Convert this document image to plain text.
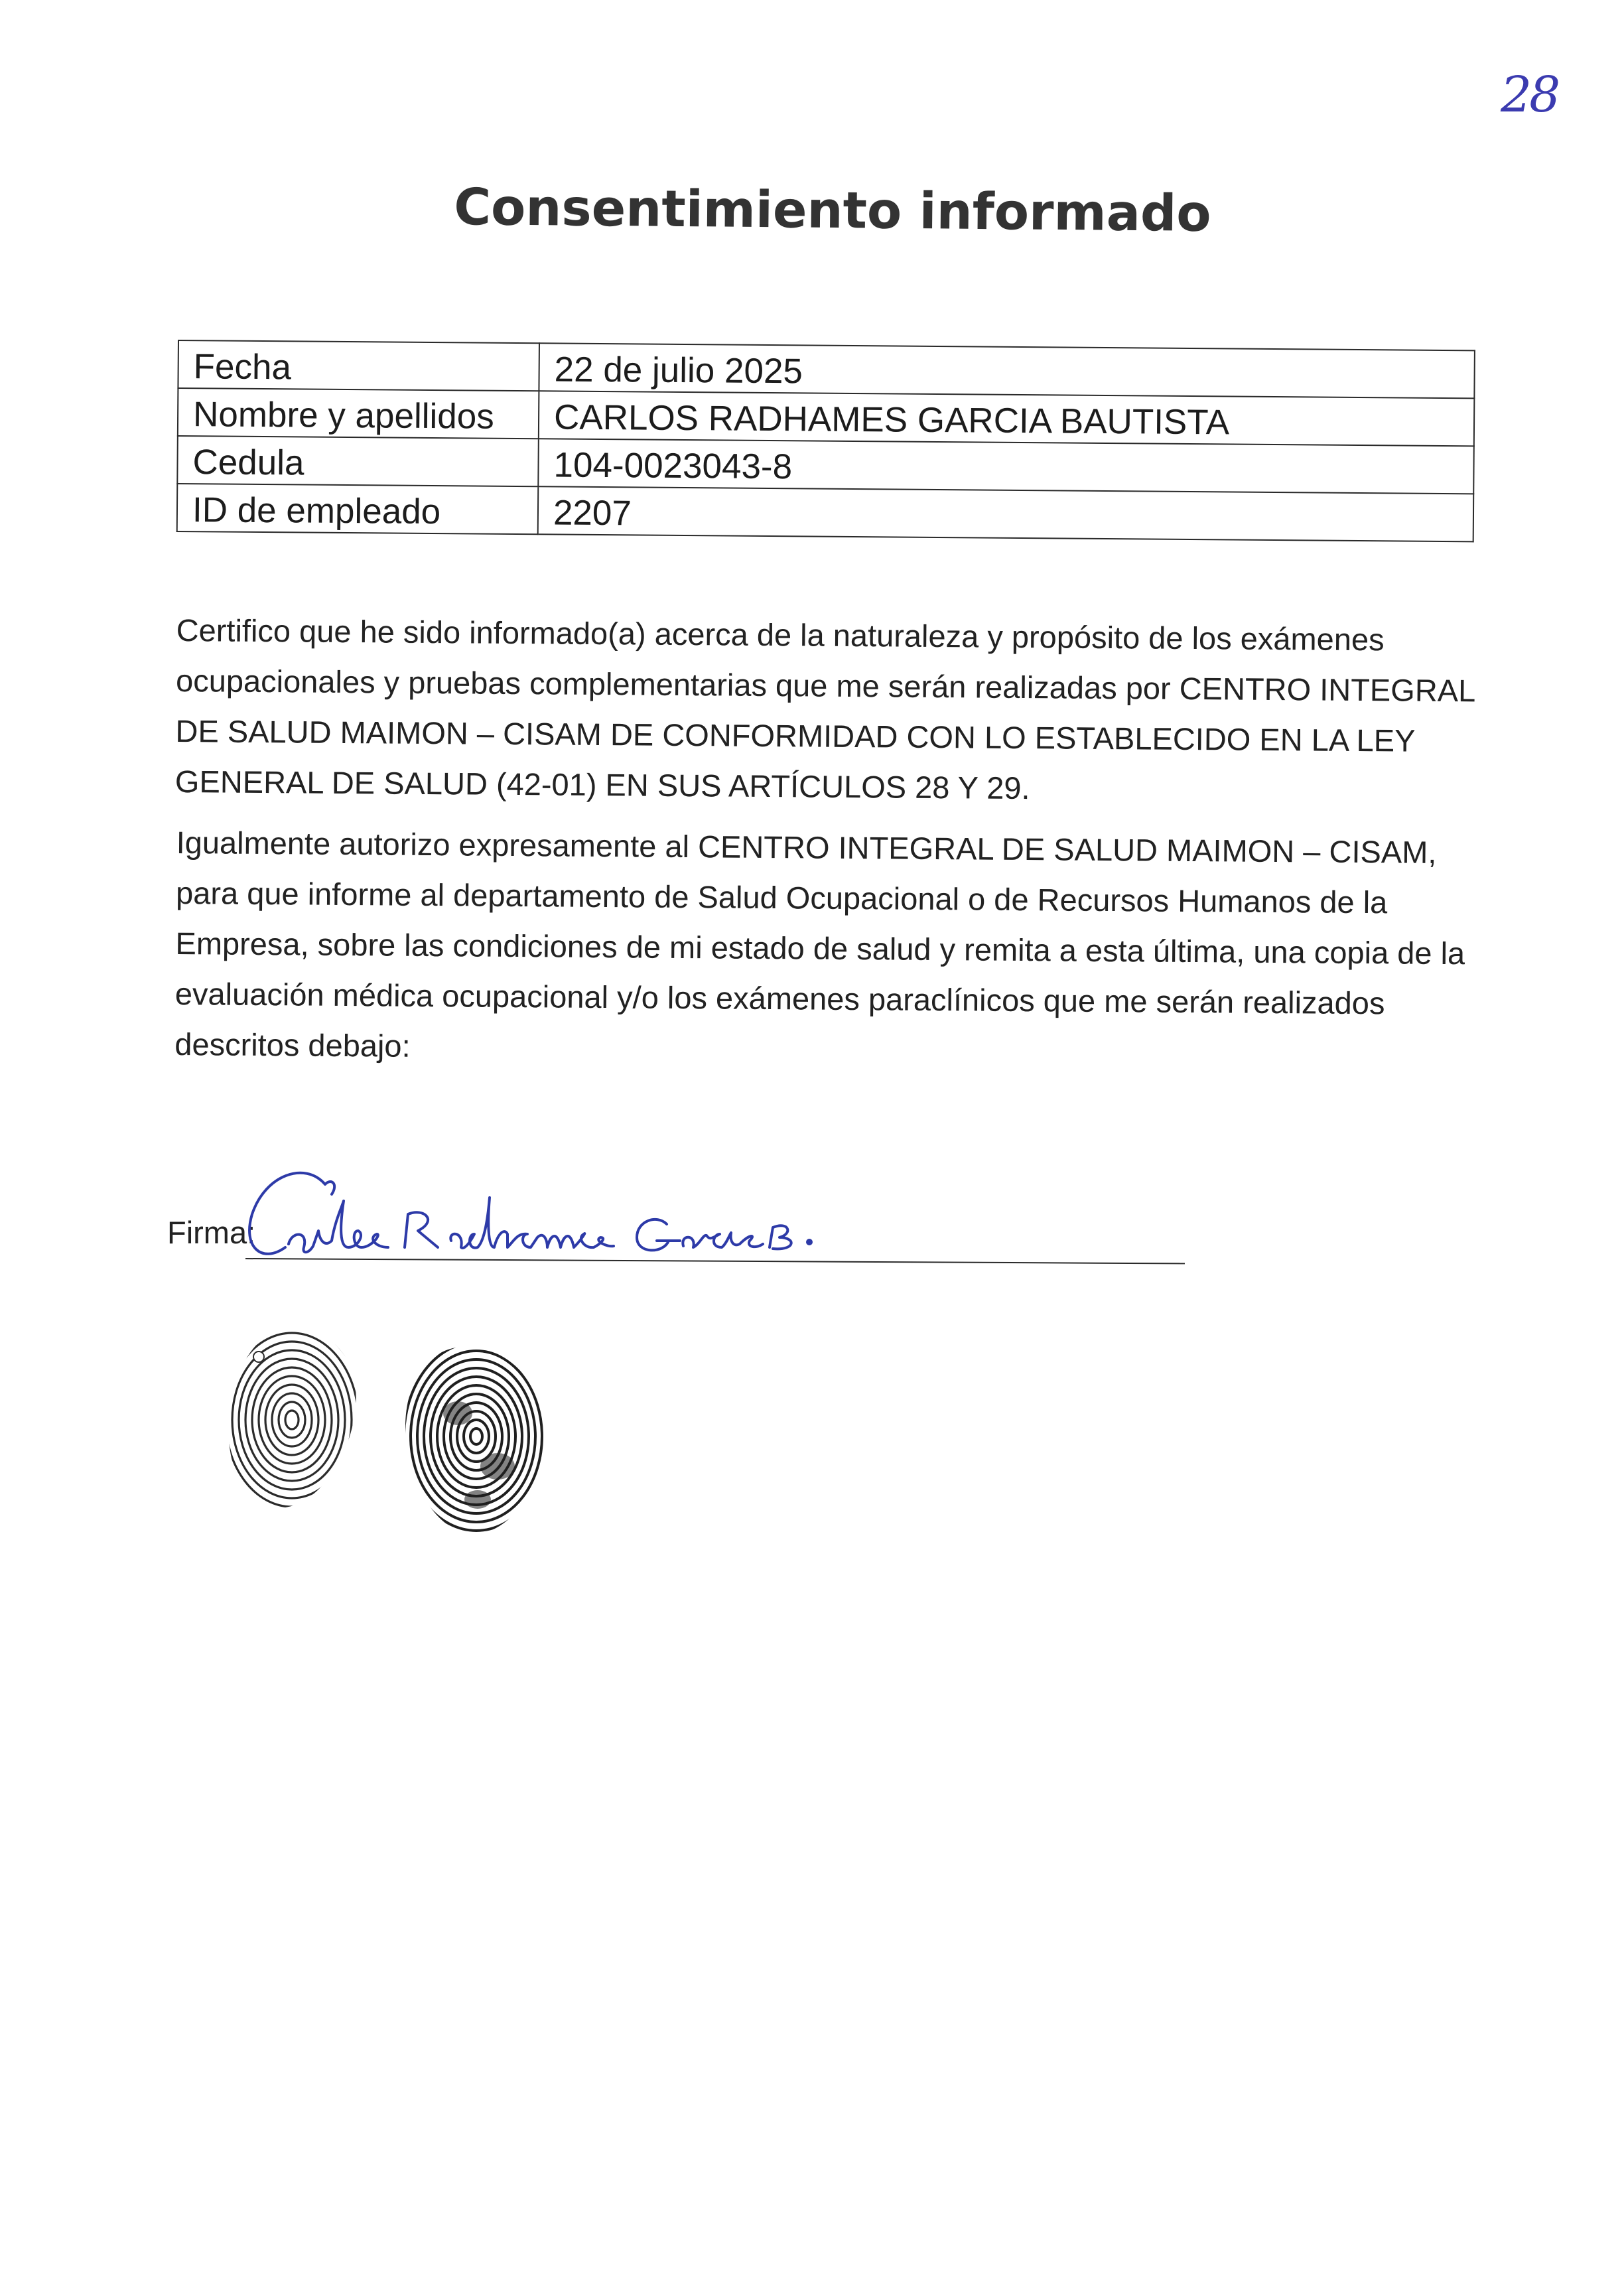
28
Consentimiento informado
Fecha	22 de julio 2025
Nombre y apellidos	CARLOS RADHAMES GARCIA BAUTISTA
Cedula	104-0023043-8
ID de empleado	2207

Certifico que he sido informado(a) acerca de la naturaleza y propósito de los exámenes ocupacionales y pruebas complementarias que me serán realizadas por CENTRO INTEGRAL DE SALUD MAIMON – CISAM DE CONFORMIDAD CON LO ESTABLECIDO EN LA LEY GENERAL DE SALUD (42-01) EN SUS ARTÍCULOS 28 Y 29.

Igualmente autorizo expresamente al CENTRO INTEGRAL DE SALUD MAIMON – CISAM, para que informe al departamento de Salud Ocupacional o de Recursos Humanos de la Empresa, sobre las condiciones de mi estado de salud y remita a esta última, una copia de la evaluación médica ocupacional y/o los exámenes paraclínicos que me serán realizados descritos debajo:

Firma:
